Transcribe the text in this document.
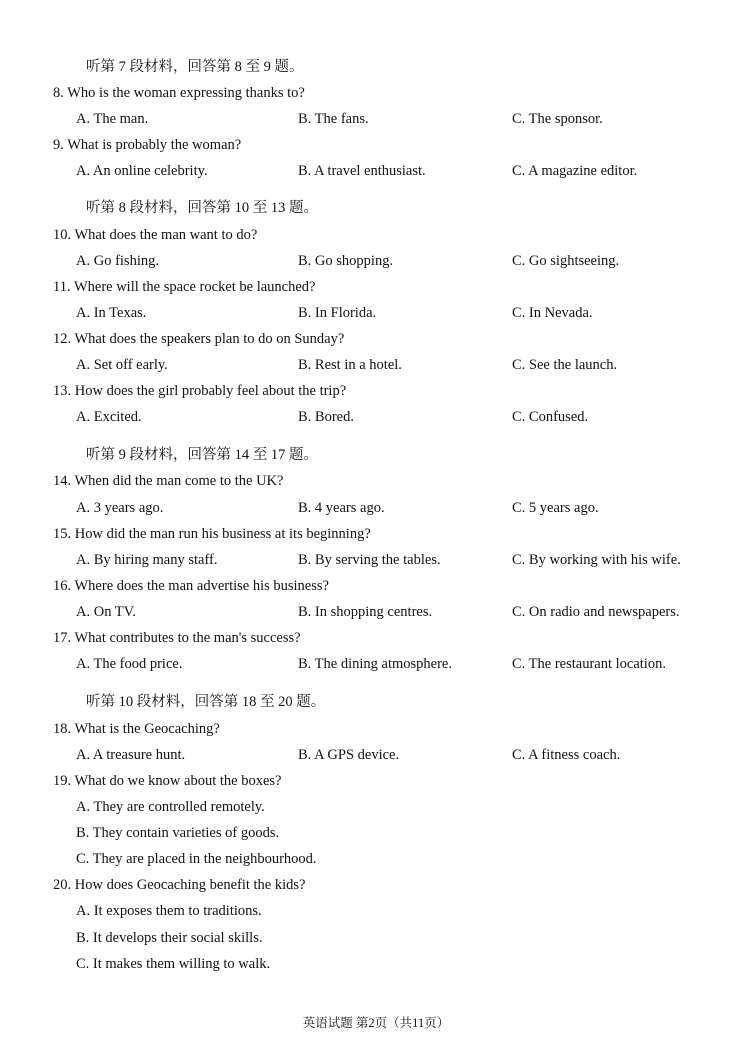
听第 7 段材料，回答第 8 至 9 题。
8. Who is the woman expressing thanks to?
A. The man.	B. The fans.	C. The sponsor.
9. What is probably the woman?
A. An online celebrity.	B. A travel enthusiast.	C. A magazine editor.
听第 8 段材料，回答第 10 至 13 题。
10. What does the man want to do?
A. Go fishing.	B. Go shopping.	C. Go sightseeing.
11. Where will the space rocket be launched?
A. In Texas.	B. In Florida.	C. In Nevada.
12. What does the speakers plan to do on Sunday?
A. Set off early.	B. Rest in a hotel.	C. See the launch.
13. How does the girl probably feel about the trip?
A. Excited.	B. Bored.	C. Confused.
听第 9 段材料，回答第 14 至 17 题。
14. When did the man come to the UK?
A. 3 years ago.	B. 4 years ago.	C. 5 years ago.
15. How did the man run his business at its beginning?
A. By hiring many staff.	B. By serving the tables.	C. By working with his wife.
16. Where does the man advertise his business?
A. On TV.	B. In shopping centres.	C. On radio and newspapers.
17. What contributes to the man's success?
A. The food price.	B. The dining atmosphere.	C. The restaurant location.
听第 10 段材料，回答第 18 至 20 题。
18. What is the Geocaching?
A. A treasure hunt.	B. A GPS device.	C. A fitness coach.
19. What do we know about the boxes?
A. They are controlled remotely.
B. They contain varieties of goods.
C. They are placed in the neighbourhood.
20. How does Geocaching benefit the kids?
A. It exposes them to traditions.
B. It develops their social skills.
C. It makes them willing to walk.
英语试题 第2页（共11页）
